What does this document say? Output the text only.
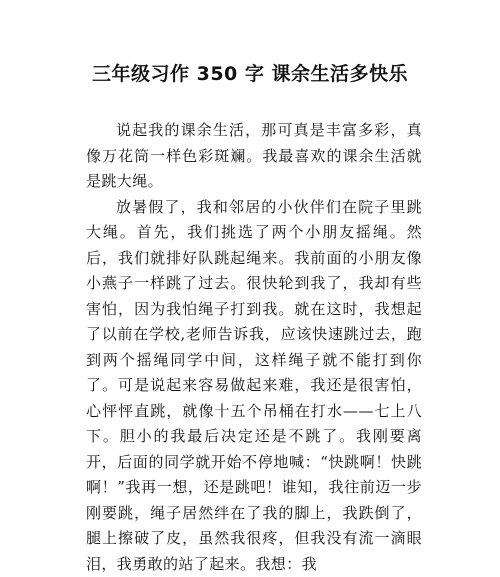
三年级习作 350 字 课余生活多快乐

说起我的课余生活，那可真是丰富多彩，真像万花筒一样色彩斑斓。我最喜欢的课余生活就是跳大绳。

放暑假了，我和邻居的小伙伴们在院子里跳大绳。首先，我们挑选了两个小朋友摇绳。然后，我们就排好队跳起绳来。我前面的小朋友像小燕子一样跳了过去。很快轮到我了，我却有些害怕，因为我怕绳子打到我。就在这时，我想起了以前在学校,老师告诉我，应该快速跳过去，跑到两个摇绳同学中间，这样绳子就不能打到你了。可是说起来容易做起来难，我还是很害怕，心怦怦直跳，就像十五个吊桶在打水——七上八下。胆小的我最后决定还是不跳了。我刚要离开，后面的同学就开始不停地喊：“快跳啊！快跳啊！”我再一想，还是跳吧！谁知，我往前迈一步刚要跳，绳子居然绊在了我的脚上，我跌倒了，腿上擦破了皮，虽然我很疼，但我没有流一滴眼泪，我勇敢的站了起来。我想：我
